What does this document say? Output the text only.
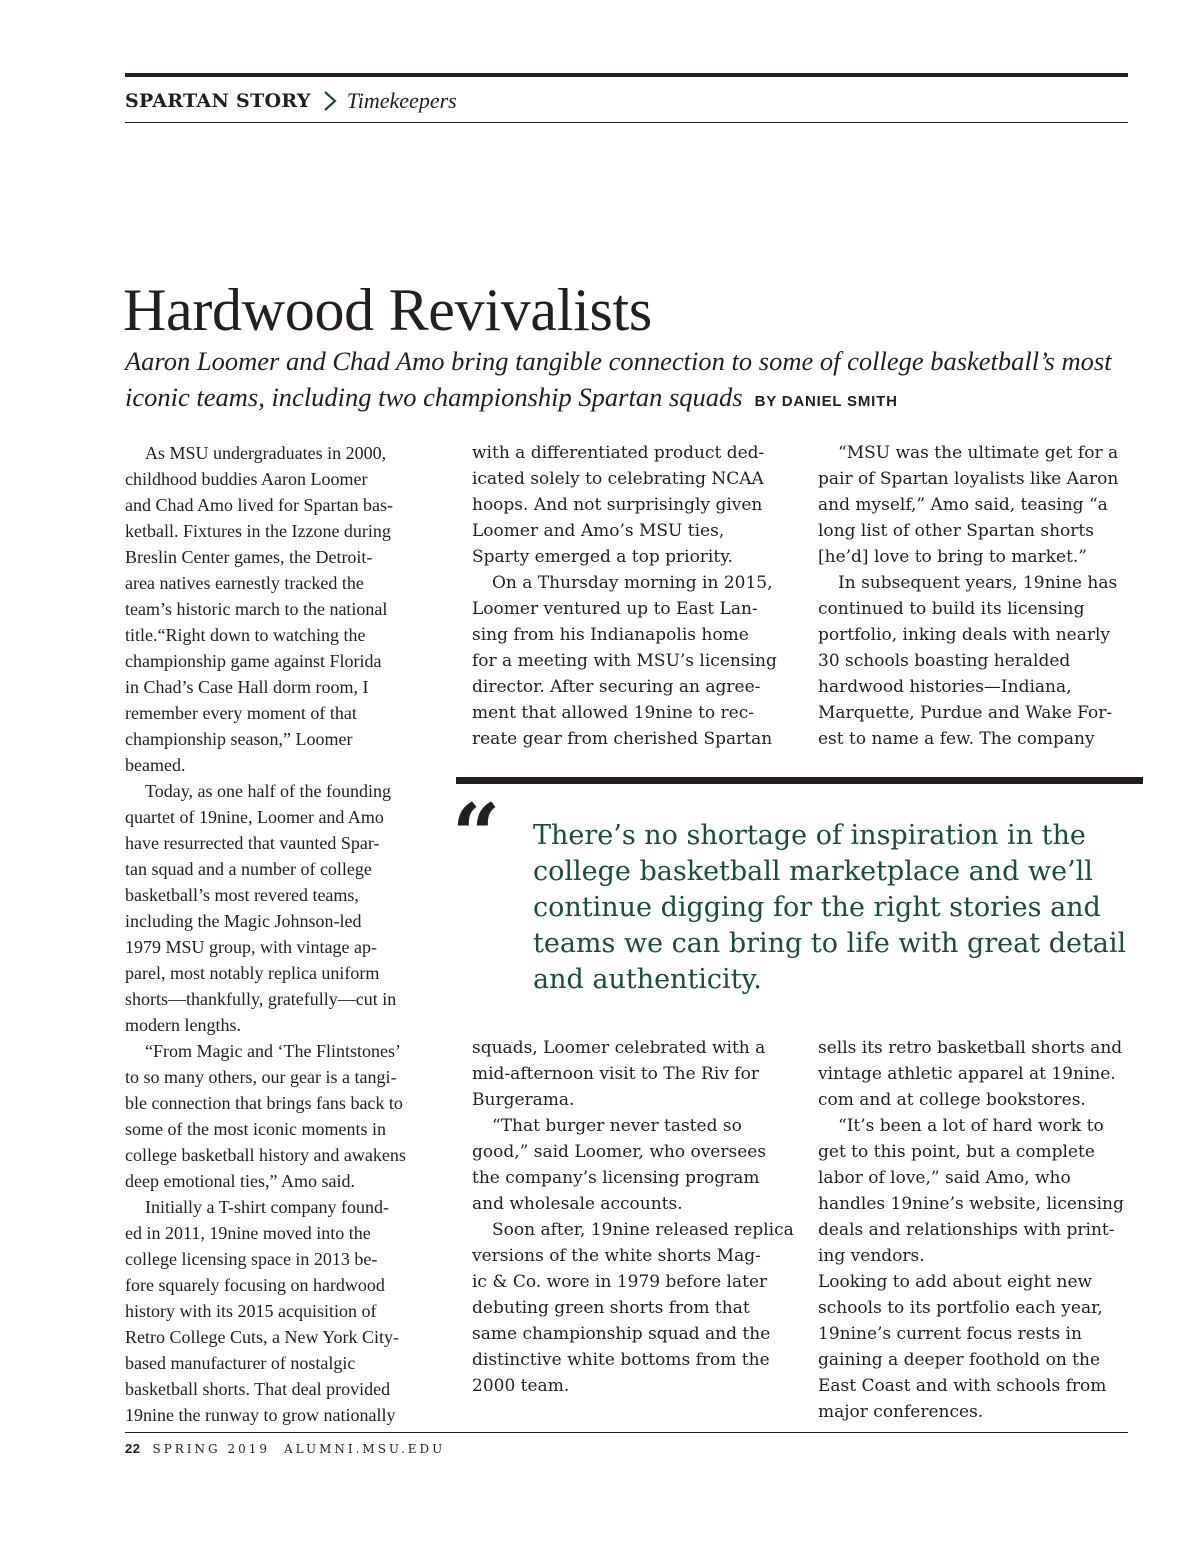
SPARTAN STORY Timekeepers
Hardwood Revivalists

Aaron Loomer and Chad Amo bring tangible connection to some of college basketball’s most iconic teams, including two championship Spartan squads BY DANIEL SMITH

As MSU undergraduates in 2000,
childhood buddies Aaron Loomer
and Chad Amo lived for Spartan bas-
ketball. Fixtures in the Izzone during
Breslin Center games, the Detroit-
area natives earnestly tracked the
team’s historic march to the national
title.“Right down to watching the
championship game against Florida
in Chad’s Case Hall dorm room, I
remember every moment of that
championship season,” Loomer
beamed.
Today, as one half of the founding
quartet of 19nine, Loomer and Amo
have resurrected that vaunted Spar-
tan squad and a number of college
basketball’s most revered teams,
including the Magic Johnson-led
1979 MSU group, with vintage ap-
parel, most notably replica uniform
shorts—thankfully, gratefully—cut in
modern lengths.
“From Magic and ‘The Flintstones’
to so many others, our gear is a tangi-
ble connection that brings fans back to
some of the most iconic moments in
college basketball history and awakens
deep emotional ties,” Amo said.
Initially a T-shirt company found-
ed in 2011, 19nine moved into the
college licensing space in 2013 be-
fore squarely focusing on hardwood
history with its 2015 acquisition of
Retro College Cuts, a New York City-
based manufacturer of nostalgic
basketball shorts. That deal provided
19nine the runway to grow nationally
with a differentiated product ded-
icated solely to celebrating NCAA
hoops. And not surprisingly given
Loomer and Amo’s MSU ties,
Sparty emerged a top priority.
On a Thursday morning in 2015,
Loomer ventured up to East Lan-
sing from his Indianapolis home
for a meeting with MSU’s licensing
director. After securing an agree-
ment that allowed 19nine to rec-
reate gear from cherished Spartan
“MSU was the ultimate get for a
pair of Spartan loyalists like Aaron
and myself,” Amo said, teasing “a
long list of other Spartan shorts
[he’d] love to bring to market.”
In subsequent years, 19nine has
continued to build its licensing
portfolio, inking deals with nearly
30 schools boasting heralded
hardwood histories—Indiana,
Marquette, Purdue and Wake For-
est to name a few. The company
“ There’s no shortage of inspiration in the
college basketball marketplace and we’ll
continue digging for the right stories and
teams we can bring to life with great detail
and authenticity.
squads, Loomer celebrated with a
mid-afternoon visit to The Riv for
Burgerama.
“That burger never tasted so
good,” said Loomer, who oversees
the company’s licensing program
and wholesale accounts.
Soon after, 19nine released replica
versions of the white shorts Mag-
ic & Co. wore in 1979 before later
debuting green shorts from that
same championship squad and the
distinctive white bottoms from the
2000 team.
sells its retro basketball shorts and
vintage athletic apparel at 19nine.
com and at college bookstores.
“It’s been a lot of hard work to
get to this point, but a complete
labor of love,” said Amo, who
handles 19nine’s website, licensing
deals and relationships with print-
ing vendors.
Looking to add about eight new
schools to its portfolio each year,
19nine’s current focus rests in
gaining a deeper foothold on the
East Coast and with schools from
major conferences.
22 SPRING 2019 ALUMNI.MSU.EDU
